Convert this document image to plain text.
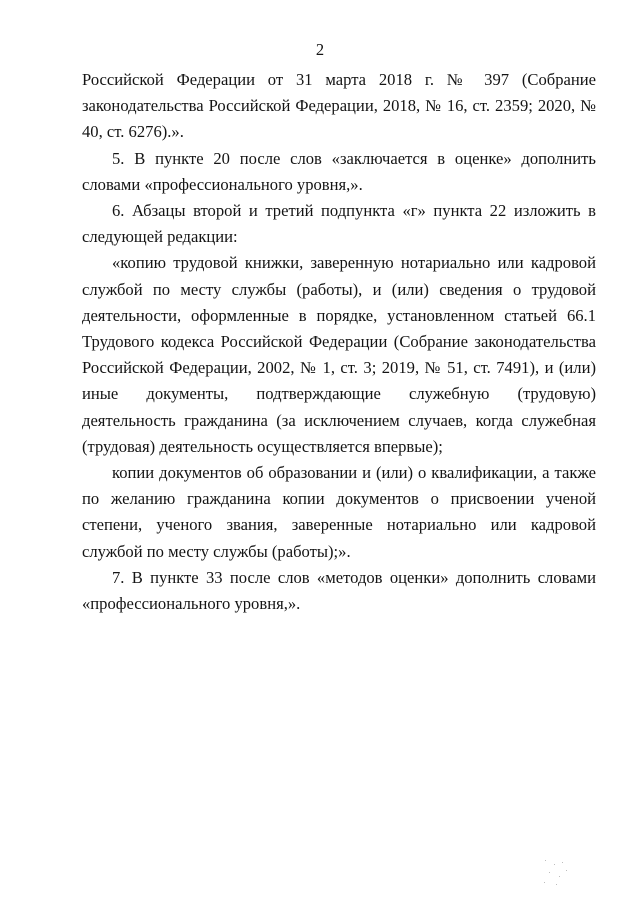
2

Российской Федерации от 31 марта 2018 г. № 397 (Собрание законодательства Российской Федерации, 2018, № 16, ст. 2359; 2020, № 40, ст. 6276).».

5. В пункте 20 после слов «заключается в оценке» дополнить словами «профессионального уровня,».

6. Абзацы второй и третий подпункта «г» пункта 22 изложить в следующей редакции:

«копию трудовой книжки, заверенную нотариально или кадровой службой по месту службы (работы), и (или) сведения о трудовой деятельности, оформленные в порядке, установленном статьей 66.1 Трудового кодекса Российской Федерации (Собрание законодательства Российской Федерации, 2002, № 1, ст. 3; 2019, № 51, ст. 7491), и (или) иные документы, подтверждающие служебную (трудовую) деятельность гражданина (за исключением случаев, когда служебная (трудовая) деятельность осуществляется впервые);

копии документов об образовании и (или) о квалификации, а также по желанию гражданина копии документов о присвоении ученой степени, ученого звания, заверенные нотариально или кадровой службой по месту службы (работы);».

7. В пункте 33 после слов «методов оценки» дополнить словами «профессионального уровня,».
